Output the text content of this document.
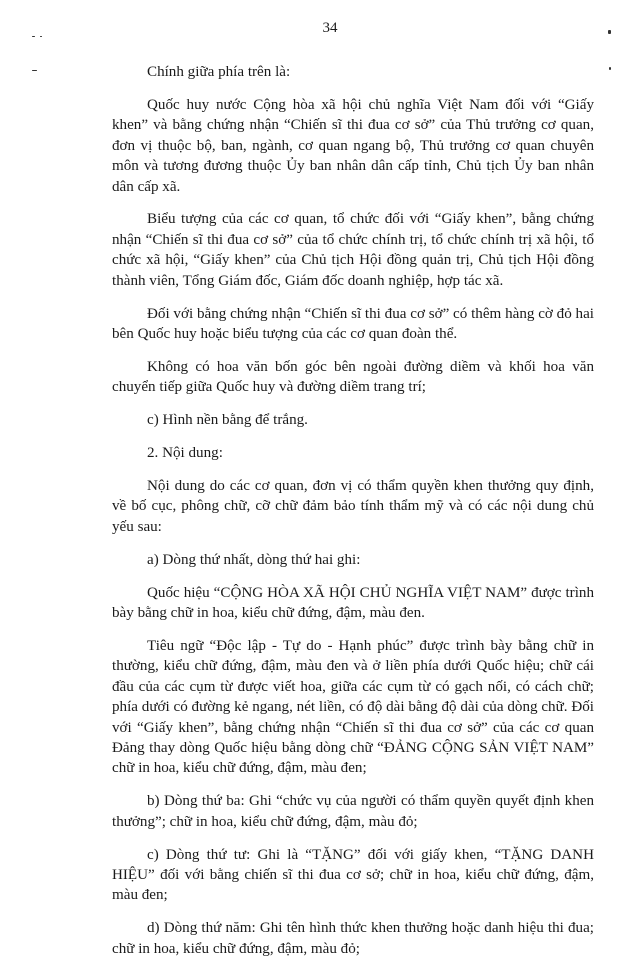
34

Chính giữa phía trên là:

Quốc huy nước Cộng hòa xã hội chủ nghĩa Việt Nam đối với “Giấy khen” và bằng chứng nhận “Chiến sĩ thi đua cơ sở” của Thủ trưởng cơ quan, đơn vị thuộc bộ, ban, ngành, cơ quan ngang bộ, Thủ trưởng cơ quan chuyên môn và tương đương thuộc Ủy ban nhân dân cấp tỉnh, Chủ tịch Ủy ban nhân dân cấp xã.

Biểu tượng của các cơ quan, tổ chức đối với “Giấy khen”, bằng chứng nhận “Chiến sĩ thi đua cơ sở” của tổ chức chính trị, tổ chức chính trị xã hội, tổ chức xã hội, “Giấy khen” của Chủ tịch Hội đồng quản trị, Chủ tịch Hội đồng thành viên, Tổng Giám đốc, Giám đốc doanh nghiệp, hợp tác xã.

Đối với bằng chứng nhận “Chiến sĩ thi đua cơ sở” có thêm hàng cờ đỏ hai bên Quốc huy hoặc biểu tượng của các cơ quan đoàn thể.

Không có hoa văn bốn góc bên ngoài đường diềm và khối hoa văn chuyển tiếp giữa Quốc huy và đường diềm trang trí;

c) Hình nền bằng để trắng.

2. Nội dung:

Nội dung do các cơ quan, đơn vị có thẩm quyền khen thưởng quy định, về bố cục, phông chữ, cỡ chữ đảm bảo tính thẩm mỹ và có các nội dung chủ yếu sau:

a) Dòng thứ nhất, dòng thứ hai ghi:

Quốc hiệu “CỘNG HÒA XÃ HỘI CHỦ NGHĨA VIỆT NAM” được trình bày bằng chữ in hoa, kiểu chữ đứng, đậm, màu đen.

Tiêu ngữ “Độc lập - Tự do - Hạnh phúc” được trình bày bằng chữ in thường, kiểu chữ đứng, đậm, màu đen và ở liền phía dưới Quốc hiệu; chữ cái đầu của các cụm từ được viết hoa, giữa các cụm từ có gạch nối, có cách chữ; phía dưới có đường kẻ ngang, nét liền, có độ dài bằng độ dài của dòng chữ. Đối với “Giấy khen”, bằng chứng nhận “Chiến sĩ thi đua cơ sở” của các cơ quan Đảng thay dòng Quốc hiệu bằng dòng chữ “ĐẢNG CỘNG SẢN VIỆT NAM” chữ in hoa, kiểu chữ đứng, đậm, màu đen;

b) Dòng thứ ba: Ghi “chức vụ của người có thẩm quyền quyết định khen thưởng”; chữ in hoa, kiểu chữ đứng, đậm, màu đỏ;

c) Dòng thứ tư: Ghi là “TẶNG” đối với giấy khen, “TẶNG DANH HIỆU” đối với bằng chiến sĩ thi đua cơ sở; chữ in hoa, kiểu chữ đứng, đậm, màu đen;

d) Dòng thứ năm: Ghi tên hình thức khen thưởng hoặc danh hiệu thi đua; chữ in hoa, kiểu chữ đứng, đậm, màu đỏ;
